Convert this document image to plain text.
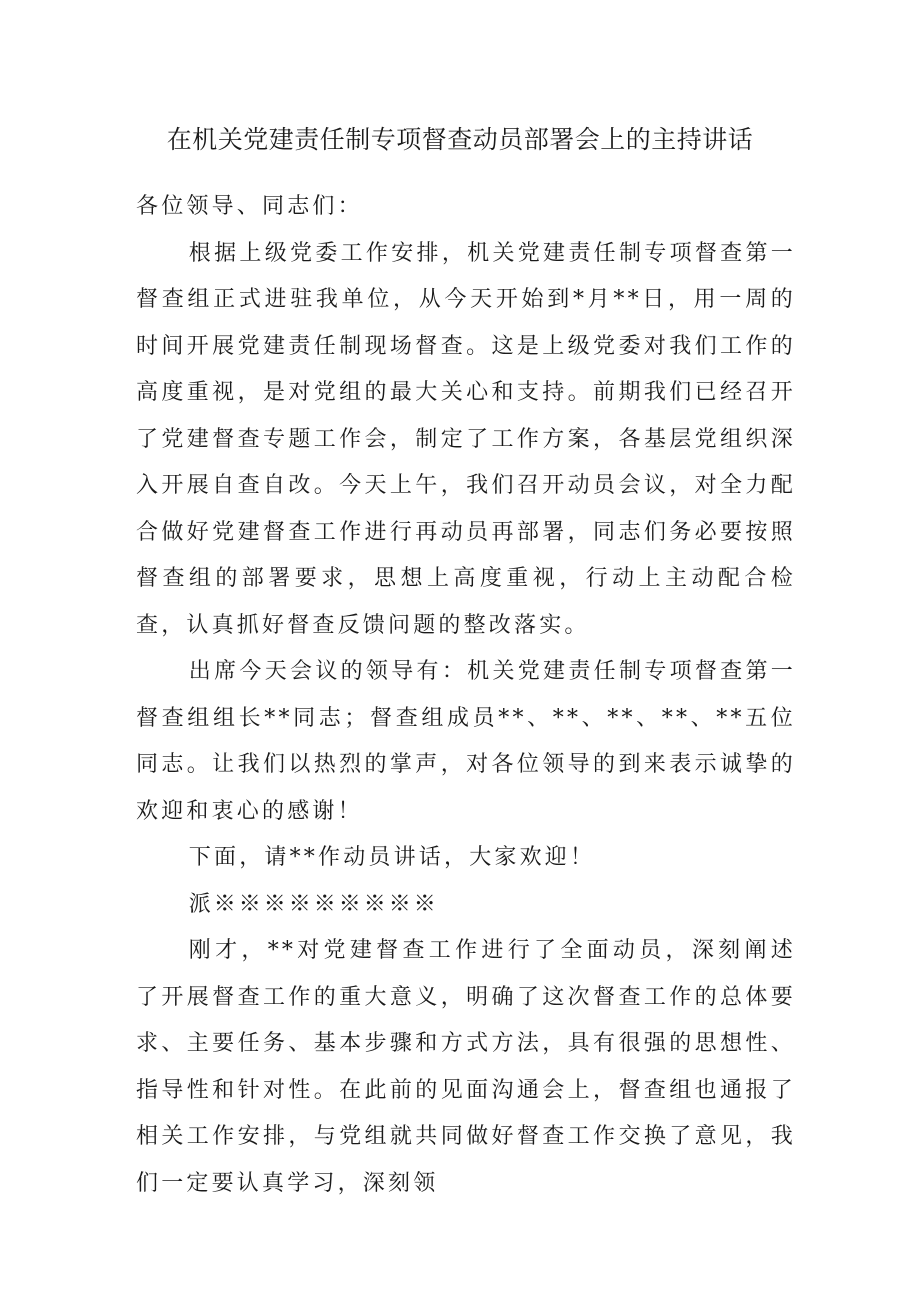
在机关党建责任制专项督查动员部署会上的主持讲话

各位领导、同志们：

根据上级党委工作安排，机关党建责任制专项督查第一督查组正式进驻我单位，从今天开始到*月**日，用一周的时间开展党建责任制现场督查。这是上级党委对我们工作的高度重视，是对党组的最大关心和支持。前期我们已经召开了党建督查专题工作会，制定了工作方案，各基层党组织深入开展自查自改。今天上午，我们召开动员会议，对全力配合做好党建督查工作进行再动员再部署，同志们务必要按照督查组的部署要求，思想上高度重视，行动上主动配合检查，认真抓好督查反馈问题的整改落实。

出席今天会议的领导有：机关党建责任制专项督查第一督查组组长**同志；督查组成员**、**、**、**、**五位同志。让我们以热烈的掌声，对各位领导的到来表示诚挚的欢迎和衷心的感谢！

下面，请**作动员讲话，大家欢迎！

派※※※※※※※※※

刚才，**对党建督查工作进行了全面动员，深刻阐述了开展督查工作的重大意义，明确了这次督查工作的总体要求、主要任务、基本步骤和方式方法，具有很强的思想性、指导性和针对性。在此前的见面沟通会上，督查组也通报了相关工作安排，与党组就共同做好督查工作交换了意见，我们一定要认真学习，深刻领
